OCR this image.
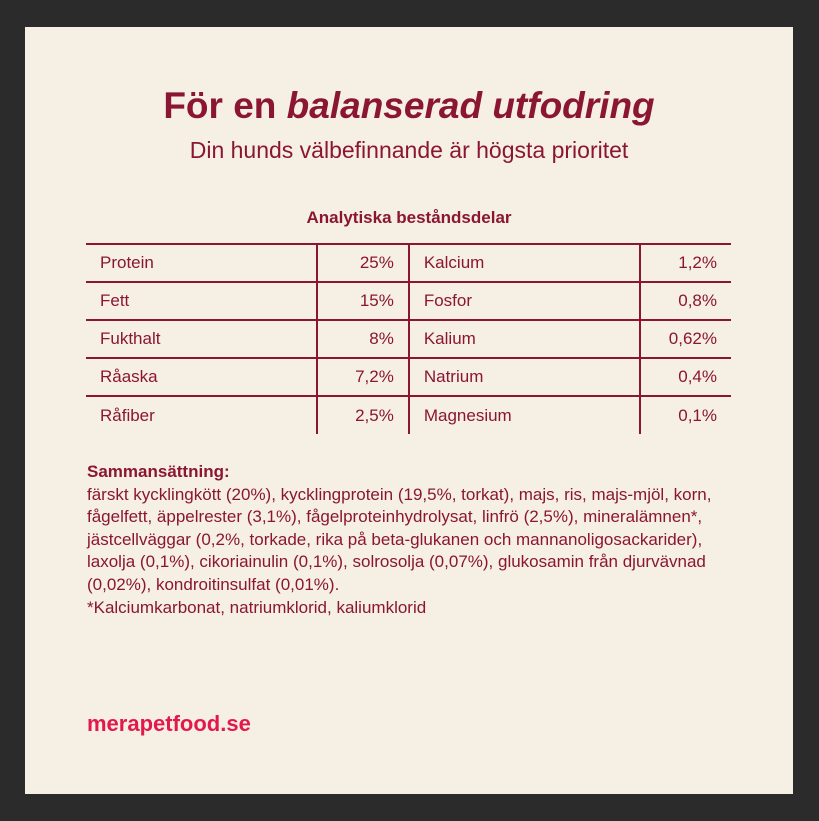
För en balanserad utfodring

Din hunds välbefinnande är högsta prioritet

Analytiska beståndsdelar

Protein	25%	Kalcium	1,2%
Fett	15%	Fosfor	0,8%
Fukthalt	8%	Kalium	0,62%
Råaska	7,2%	Natrium	0,4%
Råfiber	2,5%	Magnesium	0,1%

Sammansättning:

färskt kycklingkött (20%), kycklingprotein (19,5%, torkat), majs, ris, majs-mjöl, korn, fågelfett, äppelrester (3,1%), fågelproteinhydrolysat, linfrö (2,5%), mineralämnen*, jästcellväggar (0,2%, torkade, rika på beta-glukanen och mannanoligosackarider), laxolja (0,1%), cikoriainulin (0,1%), solrosolja (0,07%), glukosamin från djurvävnad (0,02%), kondroitinsulfat (0,01%).

*Kalciumkarbonat, natriumklorid, kaliumklorid

merapetfood.se
